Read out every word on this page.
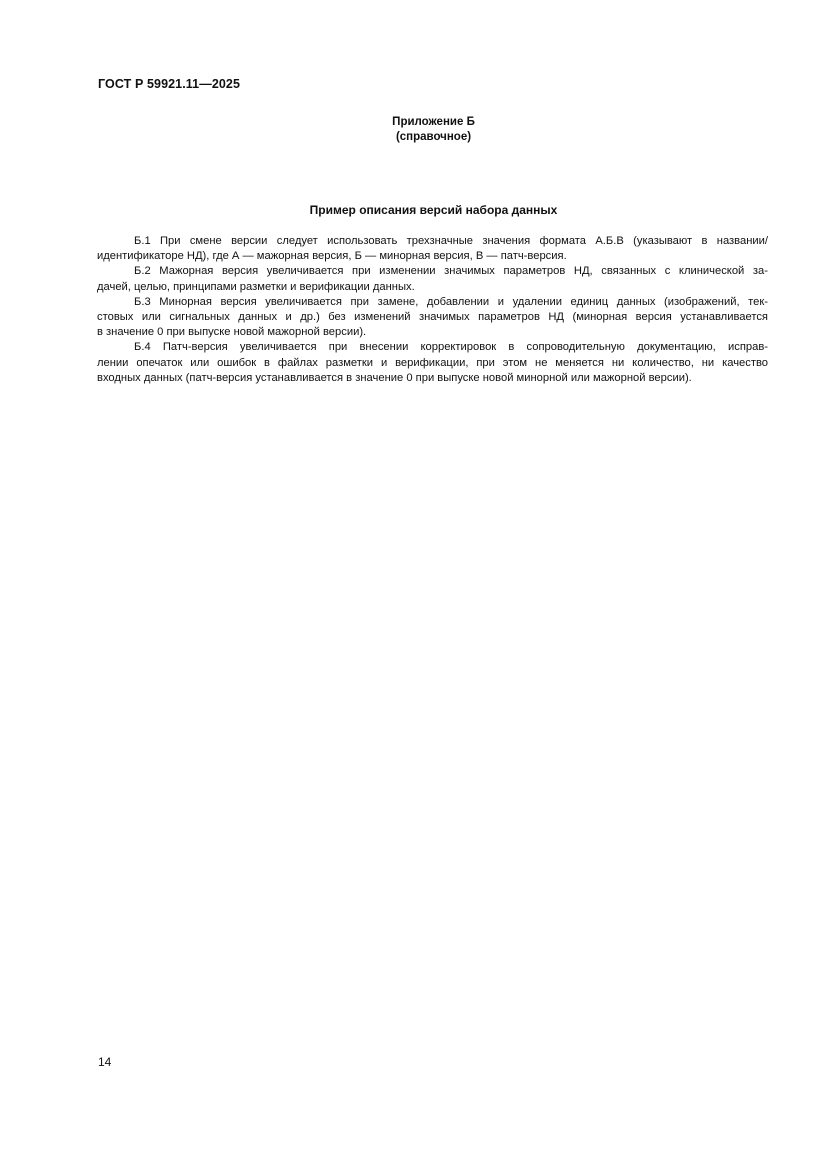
ГОСТ Р 59921.11—2025
Приложение Б
(справочное)
Пример описания версий набора данных
Б.1 При смене версии следует использовать трехзначные значения формата А.Б.В (указывают в названии/
идентификаторе НД), где А — мажорная версия, Б — минорная версия, В — патч-версия.
Б.2 Мажорная версия увеличивается при изменении значимых параметров НД, связанных с клинической за-
дачей, целью, принципами разметки и верификации данных.
Б.3 Минорная версия увеличивается при замене, добавлении и удалении единиц данных (изображений, тек-
стовых или сигнальных данных и др.) без изменений значимых параметров НД (минорная версия устанавливается
в значение 0 при выпуске новой мажорной версии).
Б.4 Патч-версия увеличивается при внесении корректировок в сопроводительную документацию, исправ-
лении опечаток или ошибок в файлах разметки и верификации, при этом не меняется ни количество, ни качество
входных данных (патч-версия устанавливается в значение 0 при выпуске новой минорной или мажорной версии).
14
